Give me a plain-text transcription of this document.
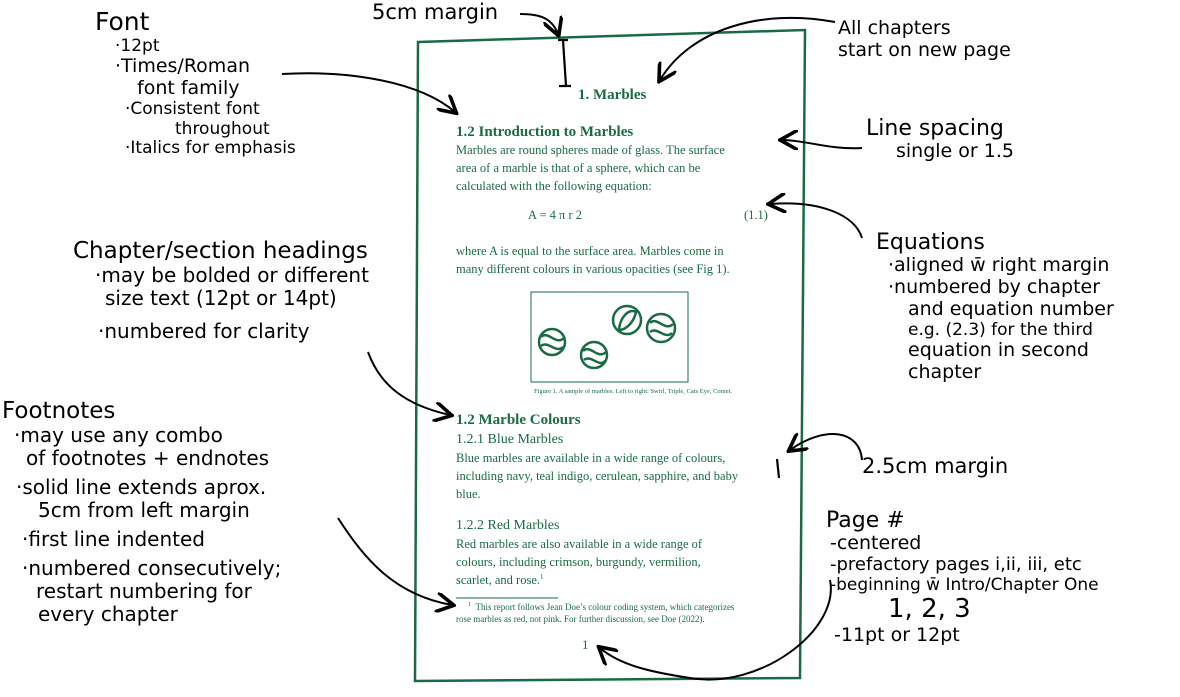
5cm margin
Font
·12pt
·Times/Roman
font family
·Consistent font
throughout
·Italics for emphasis
All chapters
start on new page
Line spacing
single or 1.5
Chapter/section headings
·may be bolded or different
size text (12pt or 14pt)
·numbered for clarity
Equations
·aligned w̄ right margin
·numbered by chapter
and equation number
e.g. (2.3) for the third
equation in second
chapter
2.5cm margin
Footnotes
·may use any combo
of footnotes + endnotes
·solid line extends aprox.
5cm from left margin
·first line indented
·numbered consecutively;
restart numbering for
every chapter
Page #
-centered
-prefactory pages i,ii, iii, etc
-beginning w̄ Intro/Chapter One
1, 2, 3
-11pt or 12pt
1. Marbles
1.2 Introduction to Marbles
Marbles are round spheres made of glass. The surface
area of a marble is that of a sphere, which can be
calculated with the following equation:
A = 4 π r 2	(1.1)
where A is equal to the surface area. Marbles come in
many different colours in various opacities (see Fig 1).
Figure 1. A sample of marbles. Left to right: Swirl, Triple, Cats Eye, Comet.
1.2 Marble Colours
1.2.1 Blue Marbles
Blue marbles are available in a wide range of colours,
including navy, teal indigo, cerulean, sapphire, and baby
blue.
1.2.2 Red Marbles
Red marbles are also available in a wide range of
colours, including crimson, burgundy, vermilion,
scarlet, and rose.$^1$
$^1$ This report follows Jean Doe’s colour coding system, which categorizes
rose marbles as red, not pink. For further discussion, see Doe (2022).
1
